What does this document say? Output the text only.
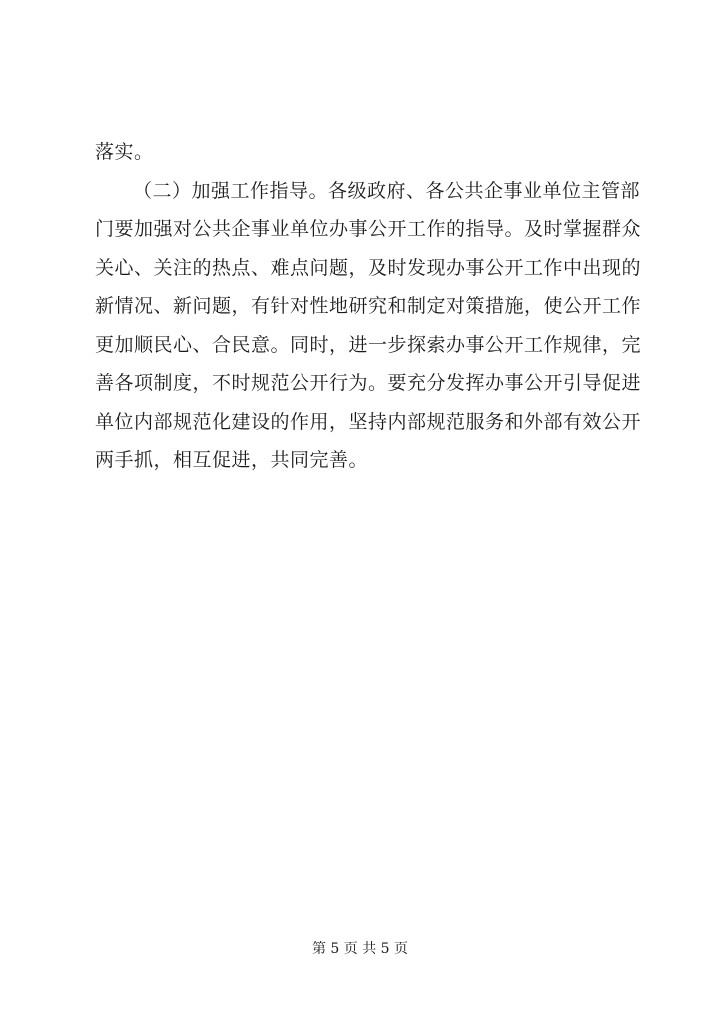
落实。
（二）加强工作指导。各级政府、各公共企事业单位主管部
门要加强对公共企事业单位办事公开工作的指导。及时掌握群众
关心、关注的热点、难点问题，及时发现办事公开工作中出现的
新情况、新问题，有针对性地研究和制定对策措施，使公开工作
更加顺民心、合民意。同时，进一步探索办事公开工作规律，完
善各项制度，不时规范公开行为。要充分发挥办事公开引导促进
单位内部规范化建设的作用，坚持内部规范服务和外部有效公开
两手抓，相互促进，共同完善。
第 5 页 共 5 页
